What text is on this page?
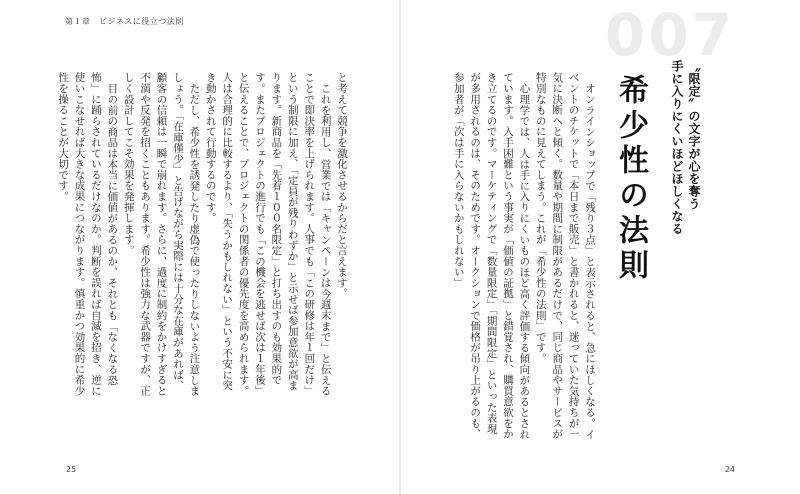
第１章　ビジネスに役立つ法則

と考えて競争を激化させるからだと言えます。

これを利用し、営業では「キャンペーンは今週末まで」と伝えることで即決率を上げられます。人事でも「この研修は年１回だけ」という制限に加え、「定員が残りわずか」と示せば参加意欲が高まります。新商品を「先着１００名限定」と打ち出すのも効果的です。またプロジェクトの進行でも「この機会を逃せば次は１年後」と伝えることで、プロジェクトの関係者の優先度を高められます。人は合理的に比較するより、「失うかもしれない」という不安に突き動かされて行動するのです。

ただし、希少性を誘発したり虚偽で使ったりしないよう注意しましょう。「在庫僅少」と告げながら実際には十分な在庫があれば、顧客の信頼は一瞬で崩れます。さらに、過度に制約をかけすぎると不満や反発を招くこともあります。希少性は強力な武器ですが、正しく設計してこそ効果を発揮します。

目の前の商品は本当に価値があるのか、それとも「なくなる恐怖」に踊らされているだけなのか。判断を誤れば自滅を招き、逆に使いこなせれば大きな成果につながります。慎重かつ効果的に希少性を操ることが大切です。

25	24
007
〝限定〟の文字が心を奪う
手に入りにくいほどほしくなる
希少性の法則

オンラインショップで「残り３点」と表示されると、急にほしくなる。イベントのチケットで「本日まで販売」と書かれると、迷っていた気持ちが一気に決断へと傾く。数量や期間に制限があるだけで、同じ商品やサービスが特別なものに見えてしまう。これが「希少性の法則」です。

心理学では、人は手に入りにくいものほど高く評価する傾向があるとされています。入手困難という事実が「価値の証拠」と錯覚され、購買意欲をかき立てるのです。マーケティングで「数量限定」「期間限定」といった表現が多用されるのは、そのためです。オークションで価格が吊り上がるのも、参加者が「次は手に入らないかもしれない」
